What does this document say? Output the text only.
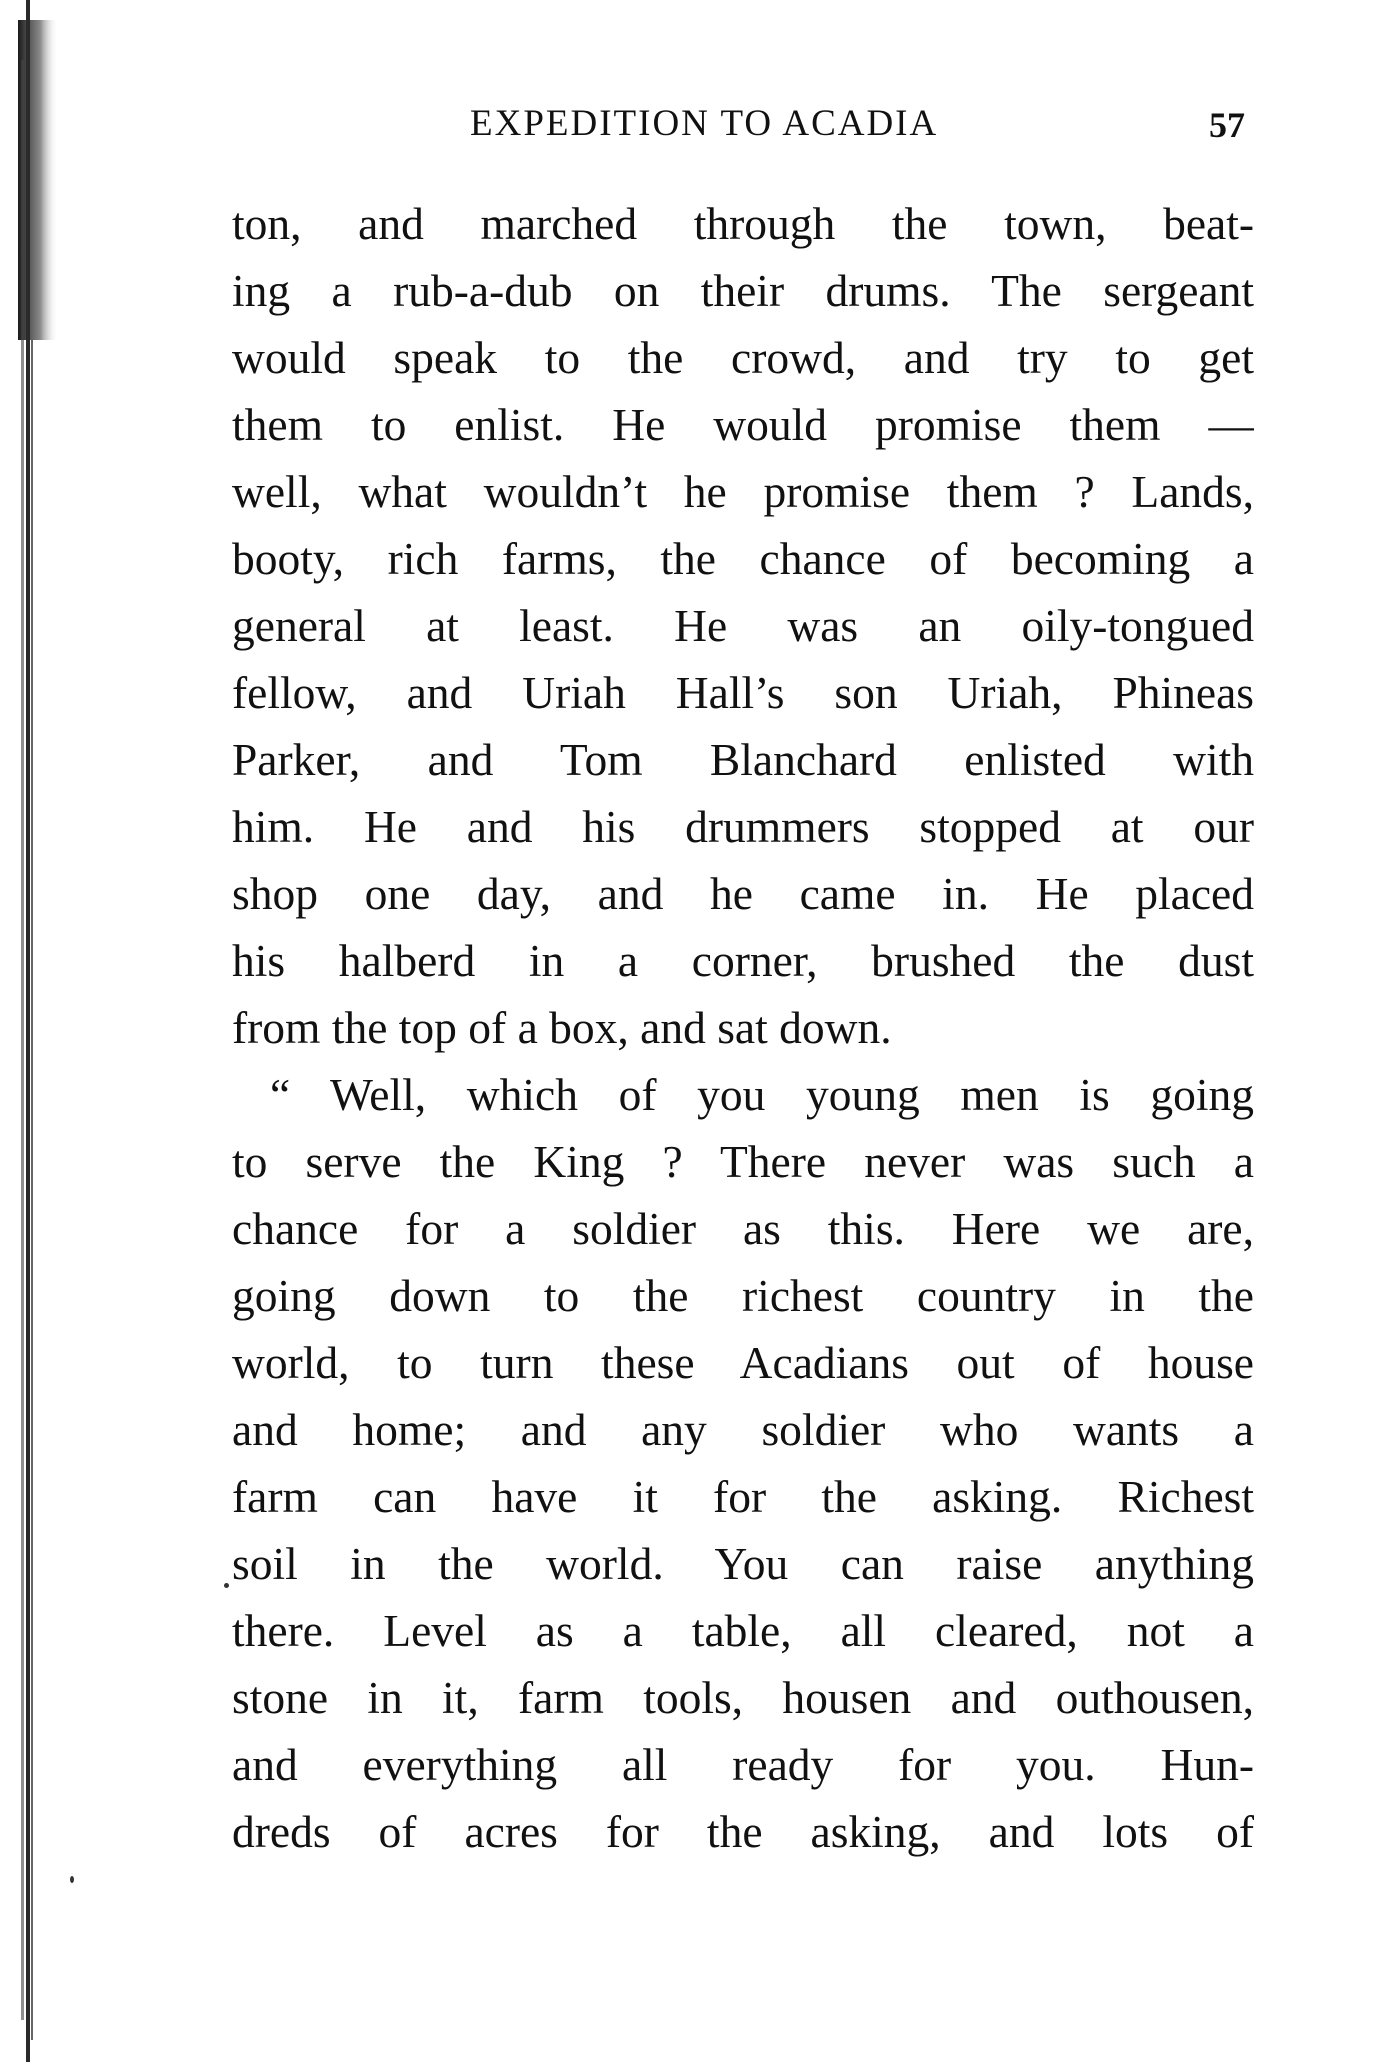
EXPEDITION TO ACADIA	57
ton, and marched through the town, beat-
ing a rub-a-dub on their drums. The sergeant
would speak to the crowd, and try to get
them to enlist. He would promise them —
well, what wouldn’t he promise them ? Lands,
booty, rich farms, the chance of becoming a
general at least. He was an oily-tongued
fellow, and Uriah Hall’s son Uriah, Phineas
Parker, and Tom Blanchard enlisted with
him. He and his drummers stopped at our
shop one day, and he came in. He placed
his halberd in a corner, brushed the dust
from the top of a box, and sat down.
“ Well, which of you young men is going
to serve the King ? There never was such a
chance for a soldier as this. Here we are,
going down to the richest country in the
world, to turn these Acadians out of house
and home; and any soldier who wants a
farm can have it for the asking. Richest
soil in the world. You can raise anything
there. Level as a table, all cleared, not a
stone in it, farm tools, housen and outhousen,
and everything all ready for you. Hun-
dreds of acres for the asking, and lots of
